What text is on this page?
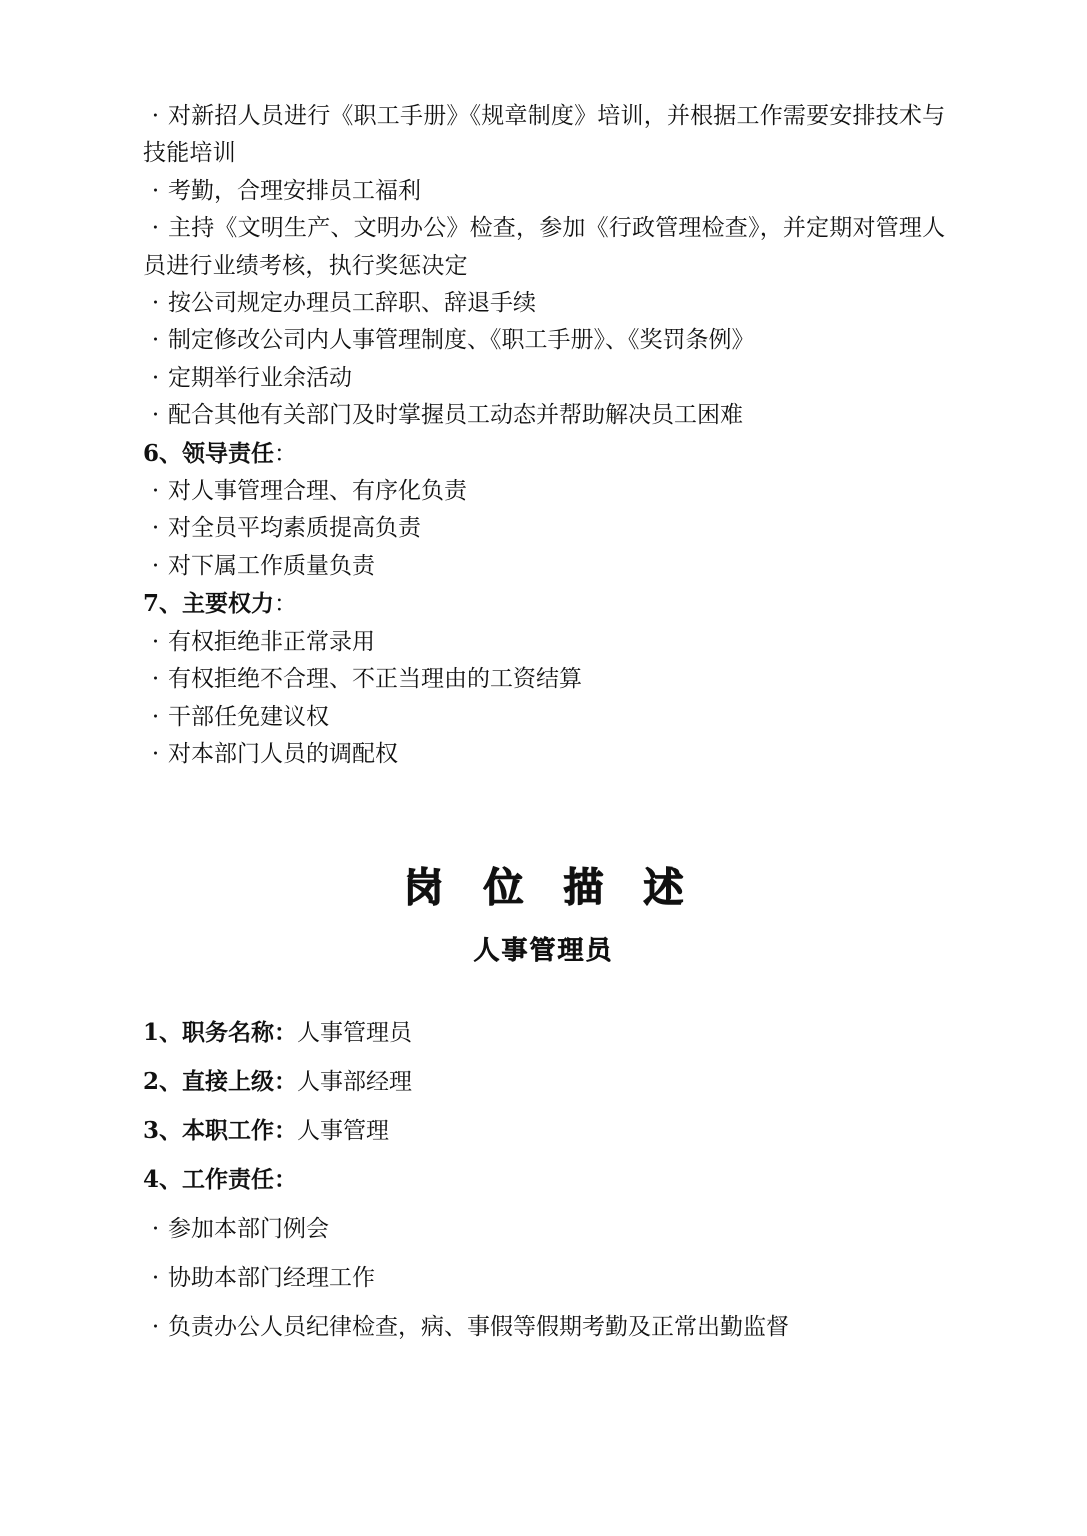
· 对新招人员进行《职工手册》《规章制度》培训，并根据工作需要安排技术与技能培训
· 考勤，合理安排员工福利
· 主持《文明生产、文明办公》检查，参加《行政管理检查》，并定期对管理人员进行业绩考核，执行奖惩决定
· 按公司规定办理员工辞职、辞退手续
· 制定修改公司内人事管理制度、《职工手册》、《奖罚条例》
· 定期举行业余活动
· 配合其他有关部门及时掌握员工动态并帮助解决员工困难
6、领导责任：
· 对人事管理合理、有序化负责
· 对全员平均素质提高负责
· 对下属工作质量负责
7、主要权力：
· 有权拒绝非正常录用
· 有权拒绝不合理、不正当理由的工资结算
· 干部任免建议权
· 对本部门人员的调配权
岗位描述
人事管理员
1、职务名称：人事管理员
2、直接上级：人事部经理
3、本职工作：人事管理
4、工作责任：
· 参加本部门例会
· 协助本部门经理工作
· 负责办公人员纪律检查，病、事假等假期考勤及正常出勤监督
